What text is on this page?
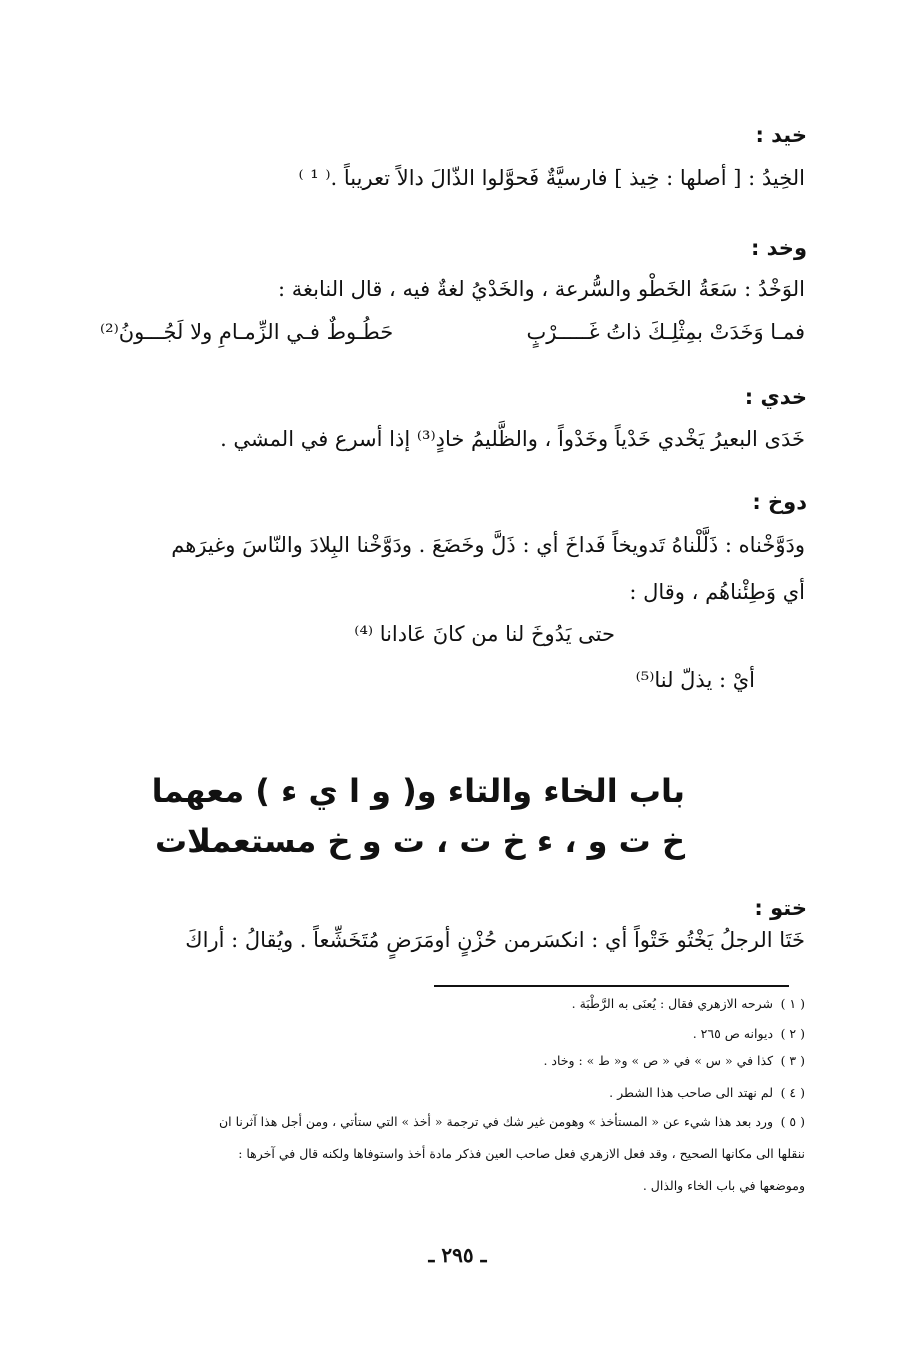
خيد :
الخِيدُ : [ أصلها : خِيذ ] فارسيَّةٌ فَحوَّلوا الذّالَ دالاً تعريباً .⁽ ¹ ⁾
وخد :
الوَخْدُ : سَعَةُ الخَطْو والسُّرعة ، والخَدْيُ لغةٌ فيه ، قال النابغة :
فمـا وَخَدَتْ بمِثْلِـكَ ذاتُ غَـــــرْبٍ
حَطُـوطٌ فـي الزِّمـامِ ولا لَجُـــونُ⁽²⁾
خدي :
خَدَى البعيرُ يَخْدي خَدْياً وخَدْواً ، والظَّليمُ خادٍ⁽³⁾ إذا أسرع في المشي .
دوخ :
ودَوَّخْناه : ذَلَّلْناهُ تَدويخاً فَداخَ أي : ذَلَّ وخَضَعَ . ودَوَّخْنا البِلادَ والنّاسَ وغيرَهم
أي وَطِئْناهُم ، وقال :
حتى يَدُوخَ لنا من كانَ عَادانا ⁽⁴⁾
أيْ : يذلّ لنا⁽⁵⁾
باب الخاء والتاء و( و ا ي ء ) معهما
خ ت و ، ء خ ت ، ت و خ مستعملات
ختو :
خَتَا الرجلُ يَخْتُو خَتْواً أي : انكسَرمن حُزْنٍ أومَرَضٍ مُتَخَشِّعاً . ويُقالُ : أراكَ
( ١ ) شرحه الازهري فقال : يُعنَى به الرَّطْبَة .
( ٢ ) ديوانه ص ٢٦٥ .
( ٣ ) كذا في « س » في « ص » و« ط » : وخاد .
( ٤ ) لم نهتد الى صاحب هذا الشطر .
( ٥ ) ورد بعد هذا شيء عن « المستأخذ » وهومن غير شك في ترجمة « أخذ » التي ستأتي ، ومن أجل هذا آثرنا ان
ننقلها الى مكانها الصحيح ، وقد فعل الازهري فعل صاحب العين فذكر مادة أخذ واستوفاها ولكنه قال في آخرها :
وموضعها في باب الخاء والذال .
ـ ٢٩٥ ـ
